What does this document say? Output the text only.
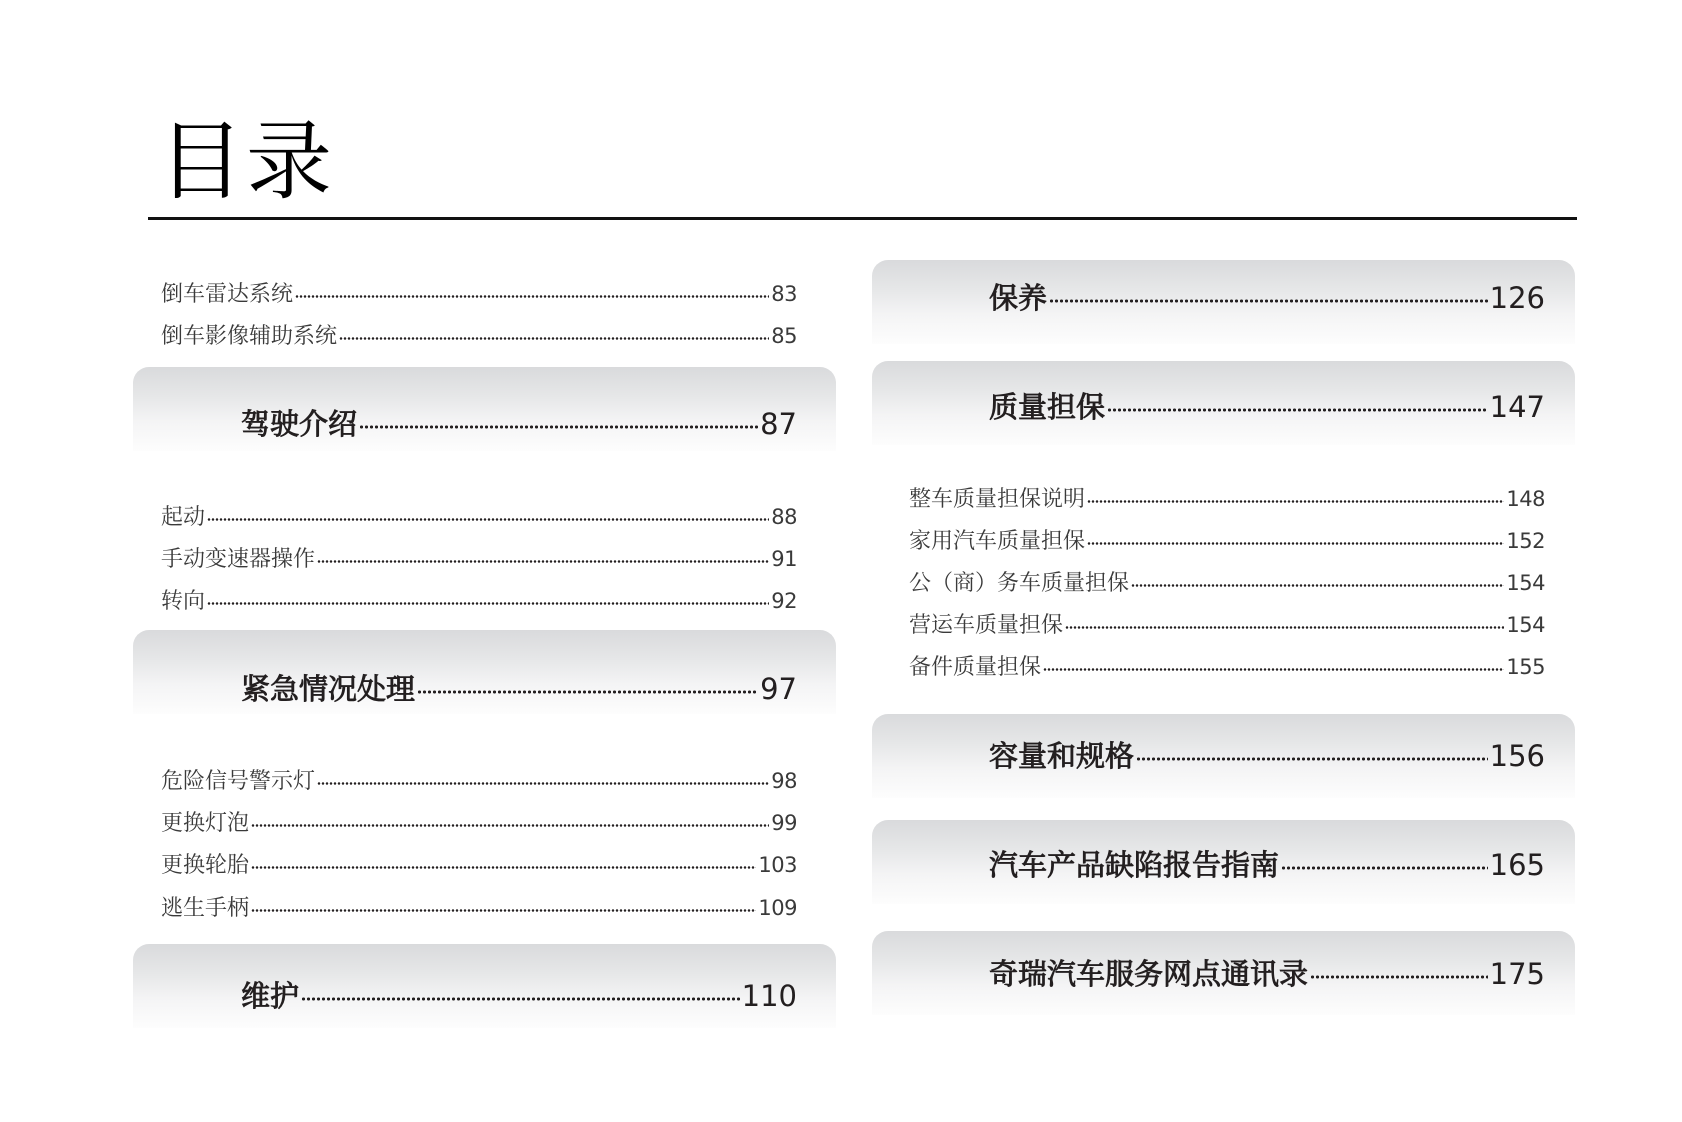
目录
倒车雷达系统	83
倒车影像辅助系统	85
驾驶介绍	87
起动	88
手动变速器操作	91
转向	92
紧急情况处理	97
危险信号警示灯	98
更换灯泡	99
更换轮胎	103
逃生手柄	109
维护	110
保养	126
质量担保	147
整车质量担保说明	148
家用汽车质量担保	152
公（商）务车质量担保	154
营运车质量担保	154
备件质量担保	155
容量和规格	156
汽车产品缺陷报告指南	165
奇瑞汽车服务网点通讯录	175
